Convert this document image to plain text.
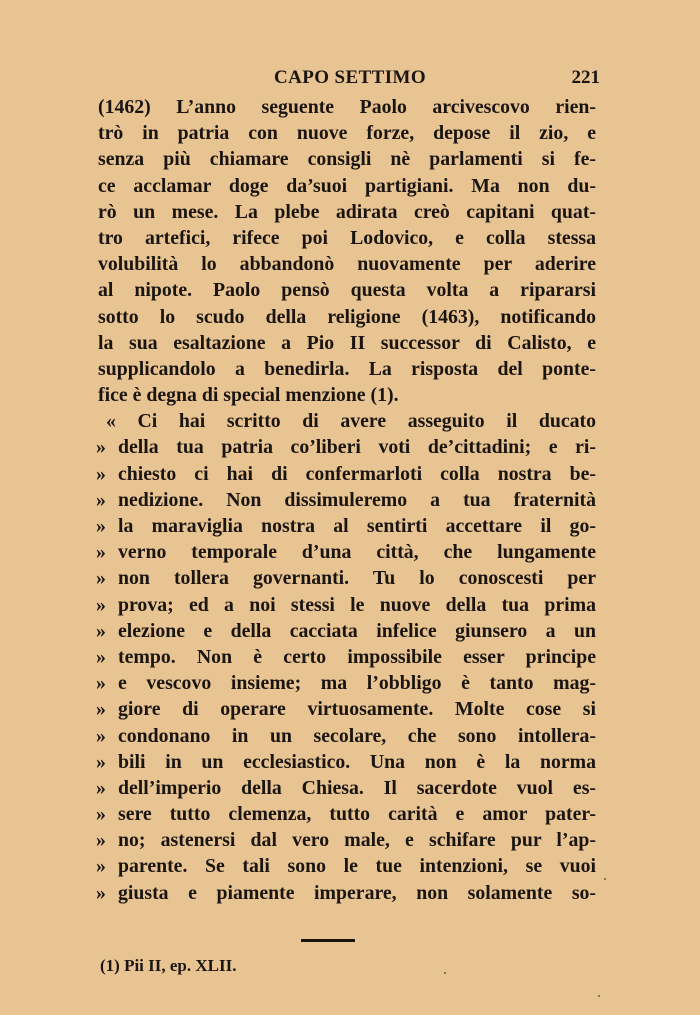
CAPO SETTIMO	221
(1462) L’anno seguente Paolo arcivescovo rien-
trò in patria con nuove forze, depose il zio, e
senza più chiamare consigli nè parlamenti si fe-
ce acclamar doge da’suoi partigiani. Ma non du-
rò un mese. La plebe adirata creò capitani quat-
tro artefici, rifece poi Lodovico, e colla stessa
volubilità lo abbandonò nuovamente per aderire
al nipote. Paolo pensò questa volta a ripararsi
sotto lo scudo della religione (1463), notificando
la sua esaltazione a Pio II successor di Calisto, e
supplicandolo a benedirla. La risposta del ponte-
fice è degna di special menzione (1).
« Ci hai scritto di avere asseguito il ducato
» della tua patria co’liberi voti de’cittadini; e ri-
» chiesto ci hai di confermarloti colla nostra be-
» nedizione. Non dissimuleremo a tua fraternità
» la maraviglia nostra al sentirti accettare il go-
» verno temporale d’una città, che lungamente
» non tollera governanti. Tu lo conoscesti per
» prova; ed a noi stessi le nuove della tua prima
» elezione e della cacciata infelice giunsero a un
» tempo. Non è certo impossibile esser principe
» e vescovo insieme; ma l’obbligo è tanto mag-
» giore di operare virtuosamente. Molte cose si
» condonano in un secolare, che sono intollera-
» bili in un ecclesiastico. Una non è la norma
» dell’imperio della Chiesa. Il sacerdote vuol es-
» sere tutto clemenza, tutto carità e amor pater-
» no; astenersi dal vero male, e schifare pur l’ap-
» parente. Se tali sono le tue intenzioni, se vuoi
» giusta e piamente imperare, non solamente so-
(1) Pii II, ep. XLII.
